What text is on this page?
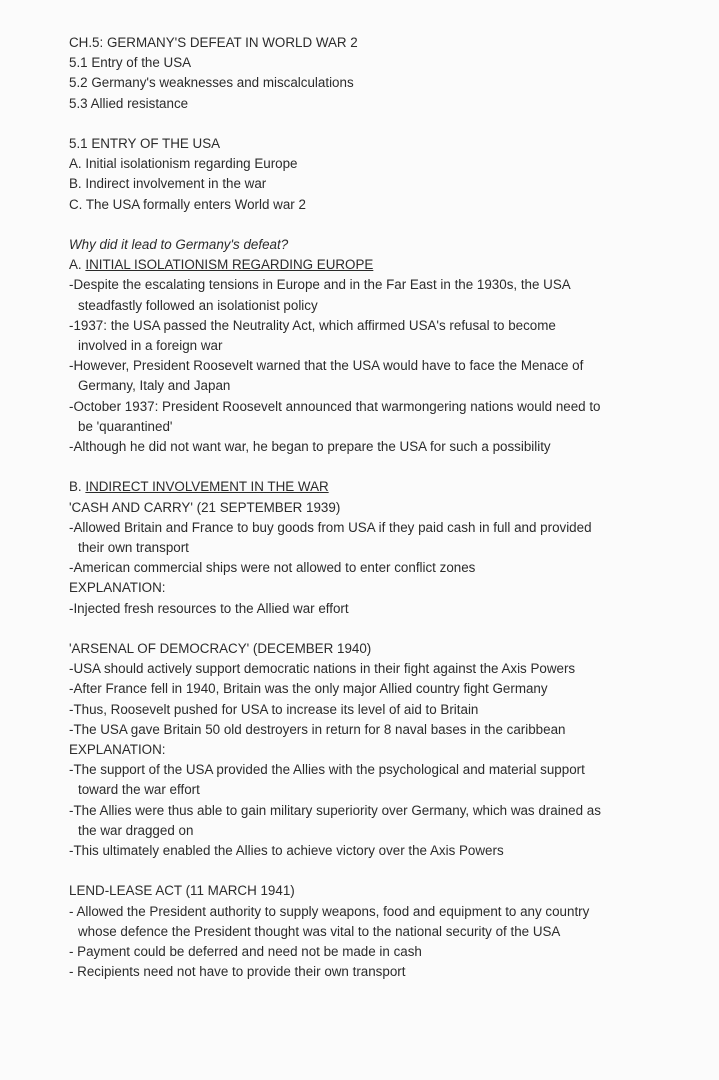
CH.5: GERMANY'S DEFEAT IN WORLD WAR 2
5.1 Entry of the USA
5.2 Germany's weaknesses and miscalculations
5.3 Allied resistance
5.1 ENTRY OF THE USA
A. Initial isolationism regarding Europe
B. Indirect involvement in the war
C. The USA formally enters World war 2
Why did it lead to Germany's defeat?
A. INITIAL ISOLATIONISM REGARDING EUROPE
-Despite the escalating tensions in Europe and in the Far East in the 1930s, the USA
steadfastly followed an isolationist policy
-1937: the USA passed the Neutrality Act, which affirmed USA's refusal to become
involved in a foreign war
-However, President Roosevelt warned that the USA would have to face the Menace of
Germany, Italy and Japan
-October 1937: President Roosevelt announced that warmongering nations would need to
be 'quarantined'
-Although he did not want war, he began to prepare the USA for such a possibility
B. INDIRECT INVOLVEMENT IN THE WAR
'CASH AND CARRY' (21 SEPTEMBER 1939)
-Allowed Britain and France to buy goods from USA if they paid cash in full and provided
their own transport
-American commercial ships were not allowed to enter conflict zones
EXPLANATION:
-Injected fresh resources to the Allied war effort
'ARSENAL OF DEMOCRACY' (DECEMBER 1940)
-USA should actively support democratic nations in their fight against the Axis Powers
-After France fell in 1940, Britain was the only major Allied country fight Germany
-Thus, Roosevelt pushed for USA to increase its level of aid to Britain
-The USA gave Britain 50 old destroyers in return for 8 naval bases in the caribbean
EXPLANATION:
-The support of the USA provided the Allies with the psychological and material support
toward the war effort
-The Allies were thus able to gain military superiority over Germany, which was drained as
the war dragged on
-This ultimately enabled the Allies to achieve victory over the Axis Powers
LEND-LEASE ACT (11 MARCH 1941)
- Allowed the President authority to supply weapons, food and equipment to any country
whose defence the President thought was vital to the national security of the USA
- Payment could be deferred and need not be made in cash
- Recipients need not have to provide their own transport
